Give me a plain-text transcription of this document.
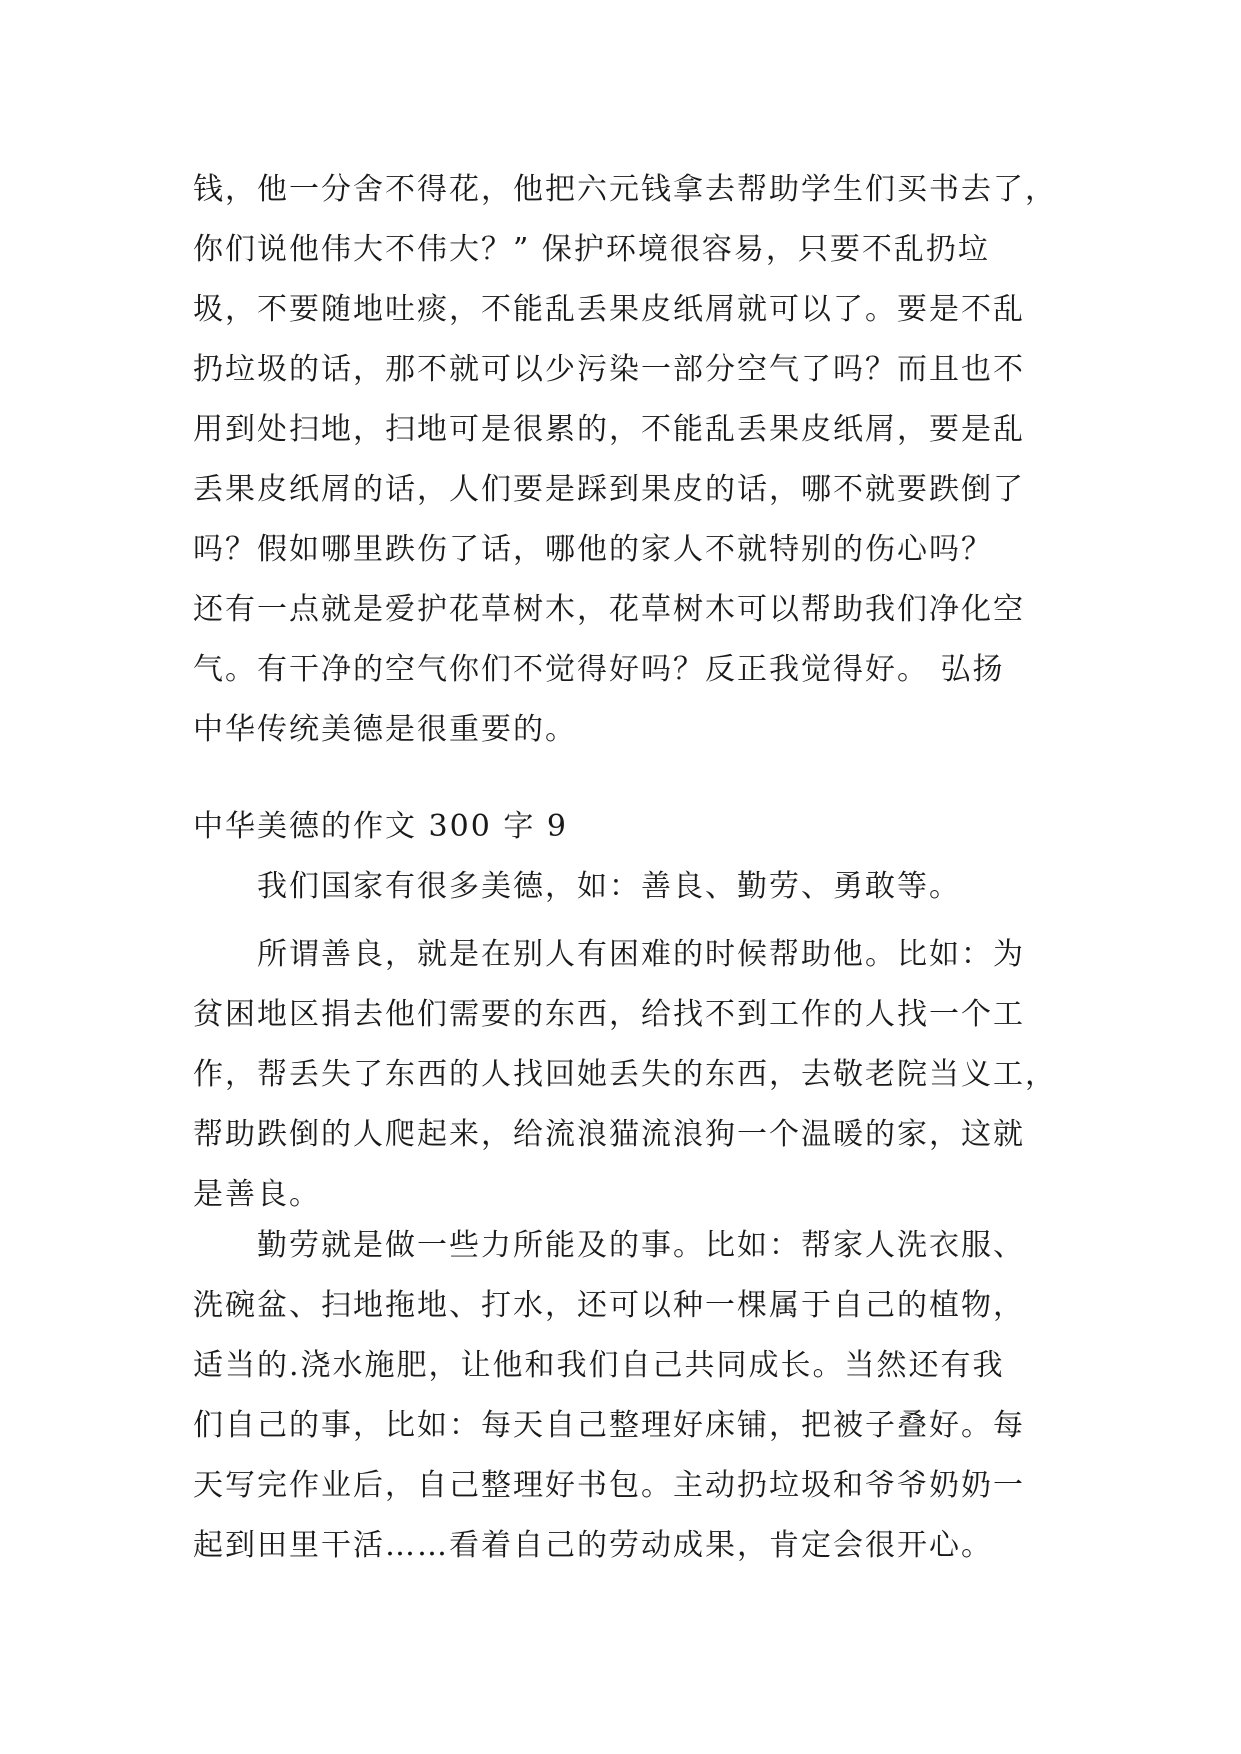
钱，他一分舍不得花，他把六元钱拿去帮助学生们买书去了，
你们说他伟大不伟大？” 保护环境很容易，只要不乱扔垃
圾，不要随地吐痰，不能乱丢果皮纸屑就可以了。要是不乱
扔垃圾的话，那不就可以少污染一部分空气了吗？而且也不
用到处扫地，扫地可是很累的，不能乱丢果皮纸屑，要是乱
丢果皮纸屑的话，人们要是踩到果皮的话，哪不就要跌倒了
吗？假如哪里跌伤了话，哪他的家人不就特别的伤心吗？
还有一点就是爱护花草树木，花草树木可以帮助我们净化空
气。有干净的空气你们不觉得好吗？反正我觉得好。 弘扬
中华传统美德是很重要的。
中华美德的作文 300 字 9
我们国家有很多美德，如：善良、勤劳、勇敢等。
所谓善良，就是在别人有困难的时候帮助他。比如：为
贫困地区捐去他们需要的东西，给找不到工作的人找一个工
作，帮丢失了东西的人找回她丢失的东西，去敬老院当义工，
帮助跌倒的人爬起来，给流浪猫流浪狗一个温暖的家，这就
是善良。
勤劳就是做一些力所能及的事。比如：帮家人洗衣服、
洗碗盆、扫地拖地、打水，还可以种一棵属于自己的植物，
适当的.浇水施肥，让他和我们自己共同成长。当然还有我
们自己的事，比如：每天自己整理好床铺，把被子叠好。每
天写完作业后，自己整理好书包。主动扔垃圾和爷爷奶奶一
起到田里干活……看着自己的劳动成果，肯定会很开心。
